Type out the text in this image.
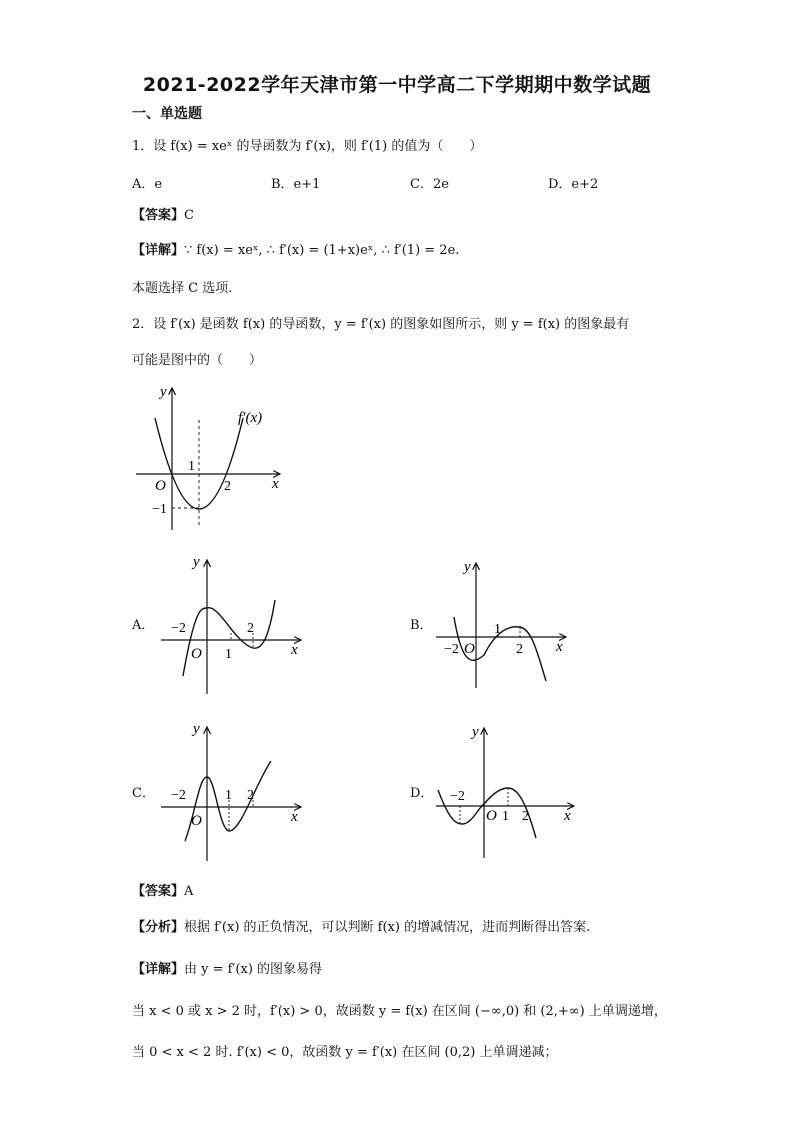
2021-2022学年天津市第一中学高二下学期期中数学试题
一、单选题
1．设 f(x) = xeˣ 的导函数为 f′(x)，则 f′(1) 的值为（　　）
A．e	B．e+1	C．2e	D．e+2
【答案】C
【详解】∵ f(x) = xeˣ, ∴ f′(x) = (1+x)eˣ, ∴ f′(1) = 2e.
本题选择 C 选项.
2．设 f′(x) 是函数 f(x) 的导函数，y = f′(x) 的图象如图所示，则 y = f(x) 的图象最有
可能是图中的（　　）
y
x
O
1
2
−1
f′(x)
A．
y
x
O
−2
1
2	B．
y
x
O
−2
1
2
C．
y
x
O
−2	1 2	D．
y
x
O
−2
1 2
【答案】A
【分析】根据 f′(x) 的正负情况，可以判断 f(x) 的增减情况，进而判断得出答案.
【详解】由 y = f′(x) 的图象易得
当 x < 0 或 x > 2 时，f′(x) > 0，故函数 y = f(x) 在区间 (−∞,0) 和 (2,+∞) 上单调递增，
当 0 < x < 2 时. f′(x) < 0，故函数 y = f′(x) 在区间 (0,2) 上单调递减；
